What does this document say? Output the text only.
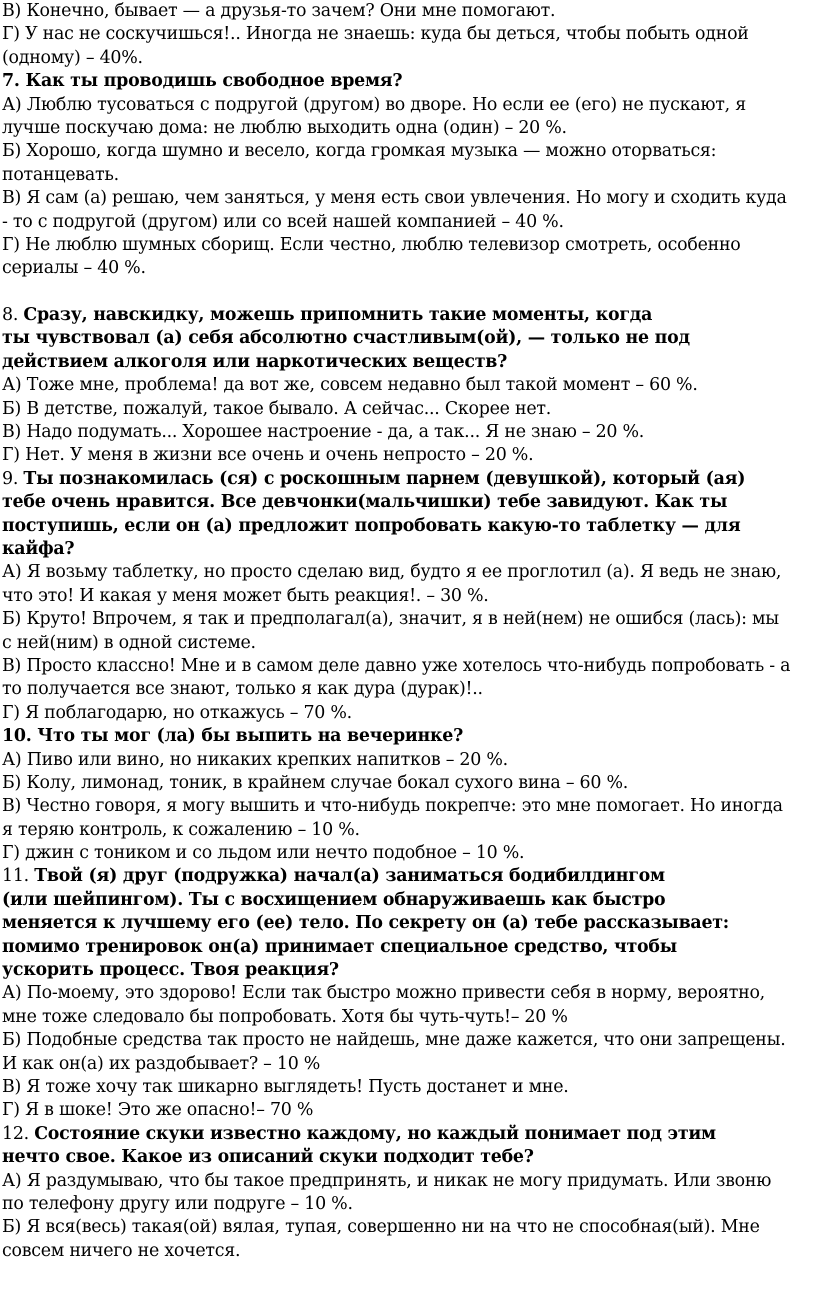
В) Конечно, бывает — а друзья-то зачем? Они мне помогают.
Г) У нас не соскучишься!.. Иногда не знаешь: куда бы деться, чтобы побыть одной
(одному) – 40%.
7. Как ты проводишь свободное время?
А) Люблю тусоваться с подругой (другом) во дворе. Но если ее (его) не пускают, я
лучше поскучаю дома: не люблю выходить одна (один) – 20 %.
Б) Хорошо, когда шумно и весело, когда громкая музыка — можно оторваться:
потанцевать.
В) Я сам (а) решаю, чем заняться, у меня есть свои увлечения. Но могу и сходить куда
- то с подругой (другом) или со всей нашей компанией – 40 %.
Г) Не люблю шумных сборищ. Если честно, люблю телевизор смотреть, особенно
сериалы – 40 %.
8. Сразу, навскидку, можешь припомнить такие моменты, когда
ты чувствовал (а) себя абсолютно счастливым(ой), — только не под
действием алкоголя или наркотических веществ?
А) Тоже мне, проблема! да вот же, совсем недавно был такой момент – 60 %.
Б) В детстве, пожалуй, такое бывало. А сейчас... Скорее нет.
В) Надо подумать... Хорошее настроение - да, а так... Я не знаю – 20 %.
Г) Нет. У меня в жизни все очень и очень непросто – 20 %.
9. Ты познакомилась (ся) с роскошным парнем (девушкой), который (ая)
тебе очень нравится. Все девчонки(мальчишки) тебе завидуют. Как ты
поступишь, если он (а) предложит попробовать какую-то таблетку — для
кайфа?
А) Я возьму таблетку, но просто сделаю вид, будто я ее проглотил (а). Я ведь не знаю,
что это! И какая у меня может быть реакция!. – 30 %.
Б) Круто! Впрочем, я так и предполагал(а), значит, я в ней(нем) не ошибся (лась): мы
с ней(ним) в одной системе.
В) Просто классно! Мне и в самом деле давно уже хотелось что-нибудь попробовать - а
то получается все знают, только я как дура (дурак)!..
Г) Я поблагодарю, но откажусь – 70 %.
10. Что ты мог (ла) бы выпить на вечеринке?
А) Пиво или вино, но никаких крепких напитков – 20 %.
Б) Колу, лимонад, тоник, в крайнем случае бокал сухого вина – 60 %.
В) Честно говоря, я могу вышить и что-нибудь покрепче: это мне помогает. Но иногда
я теряю контроль, к сожалению – 10 %.
Г) джин с тоником и со льдом или нечто подобное – 10 %.
11. Твой (я) друг (подружка) начал(а) заниматься бодибилдингом
(или шейпингом). Ты с восхищением обнаруживаешь как быстро
меняется к лучшему его (ее) тело. По секрету он (а) тебе рассказывает:
помимо тренировок он(а) принимает специальное средство, чтобы
ускорить процесс. Твоя реакция?
А) По-моему, это здорово! Если так быстро можно привести себя в норму, вероятно,
мне тоже следовало бы попробовать. Хотя бы чуть-чуть!– 20 %
Б) Подобные средства так просто не найдешь, мне даже кажется, что они запрещены.
И как он(а) их раздобывает? – 10 %
В) Я тоже хочу так шикарно выглядеть! Пусть достанет и мне.
Г) Я в шоке! Это же опасно!– 70 %
12. Состояние скуки известно каждому, но каждый понимает под этим
нечто свое. Какое из описаний скуки подходит тебе?
А) Я раздумываю, что бы такое предпринять, и никак не могу придумать. Или звоню
по телефону другу или подруге – 10 %.
Б) Я вся(весь) такая(ой) вялая, тупая, совершенно ни на что не способная(ый). Мне
совсем ничего не хочется.
